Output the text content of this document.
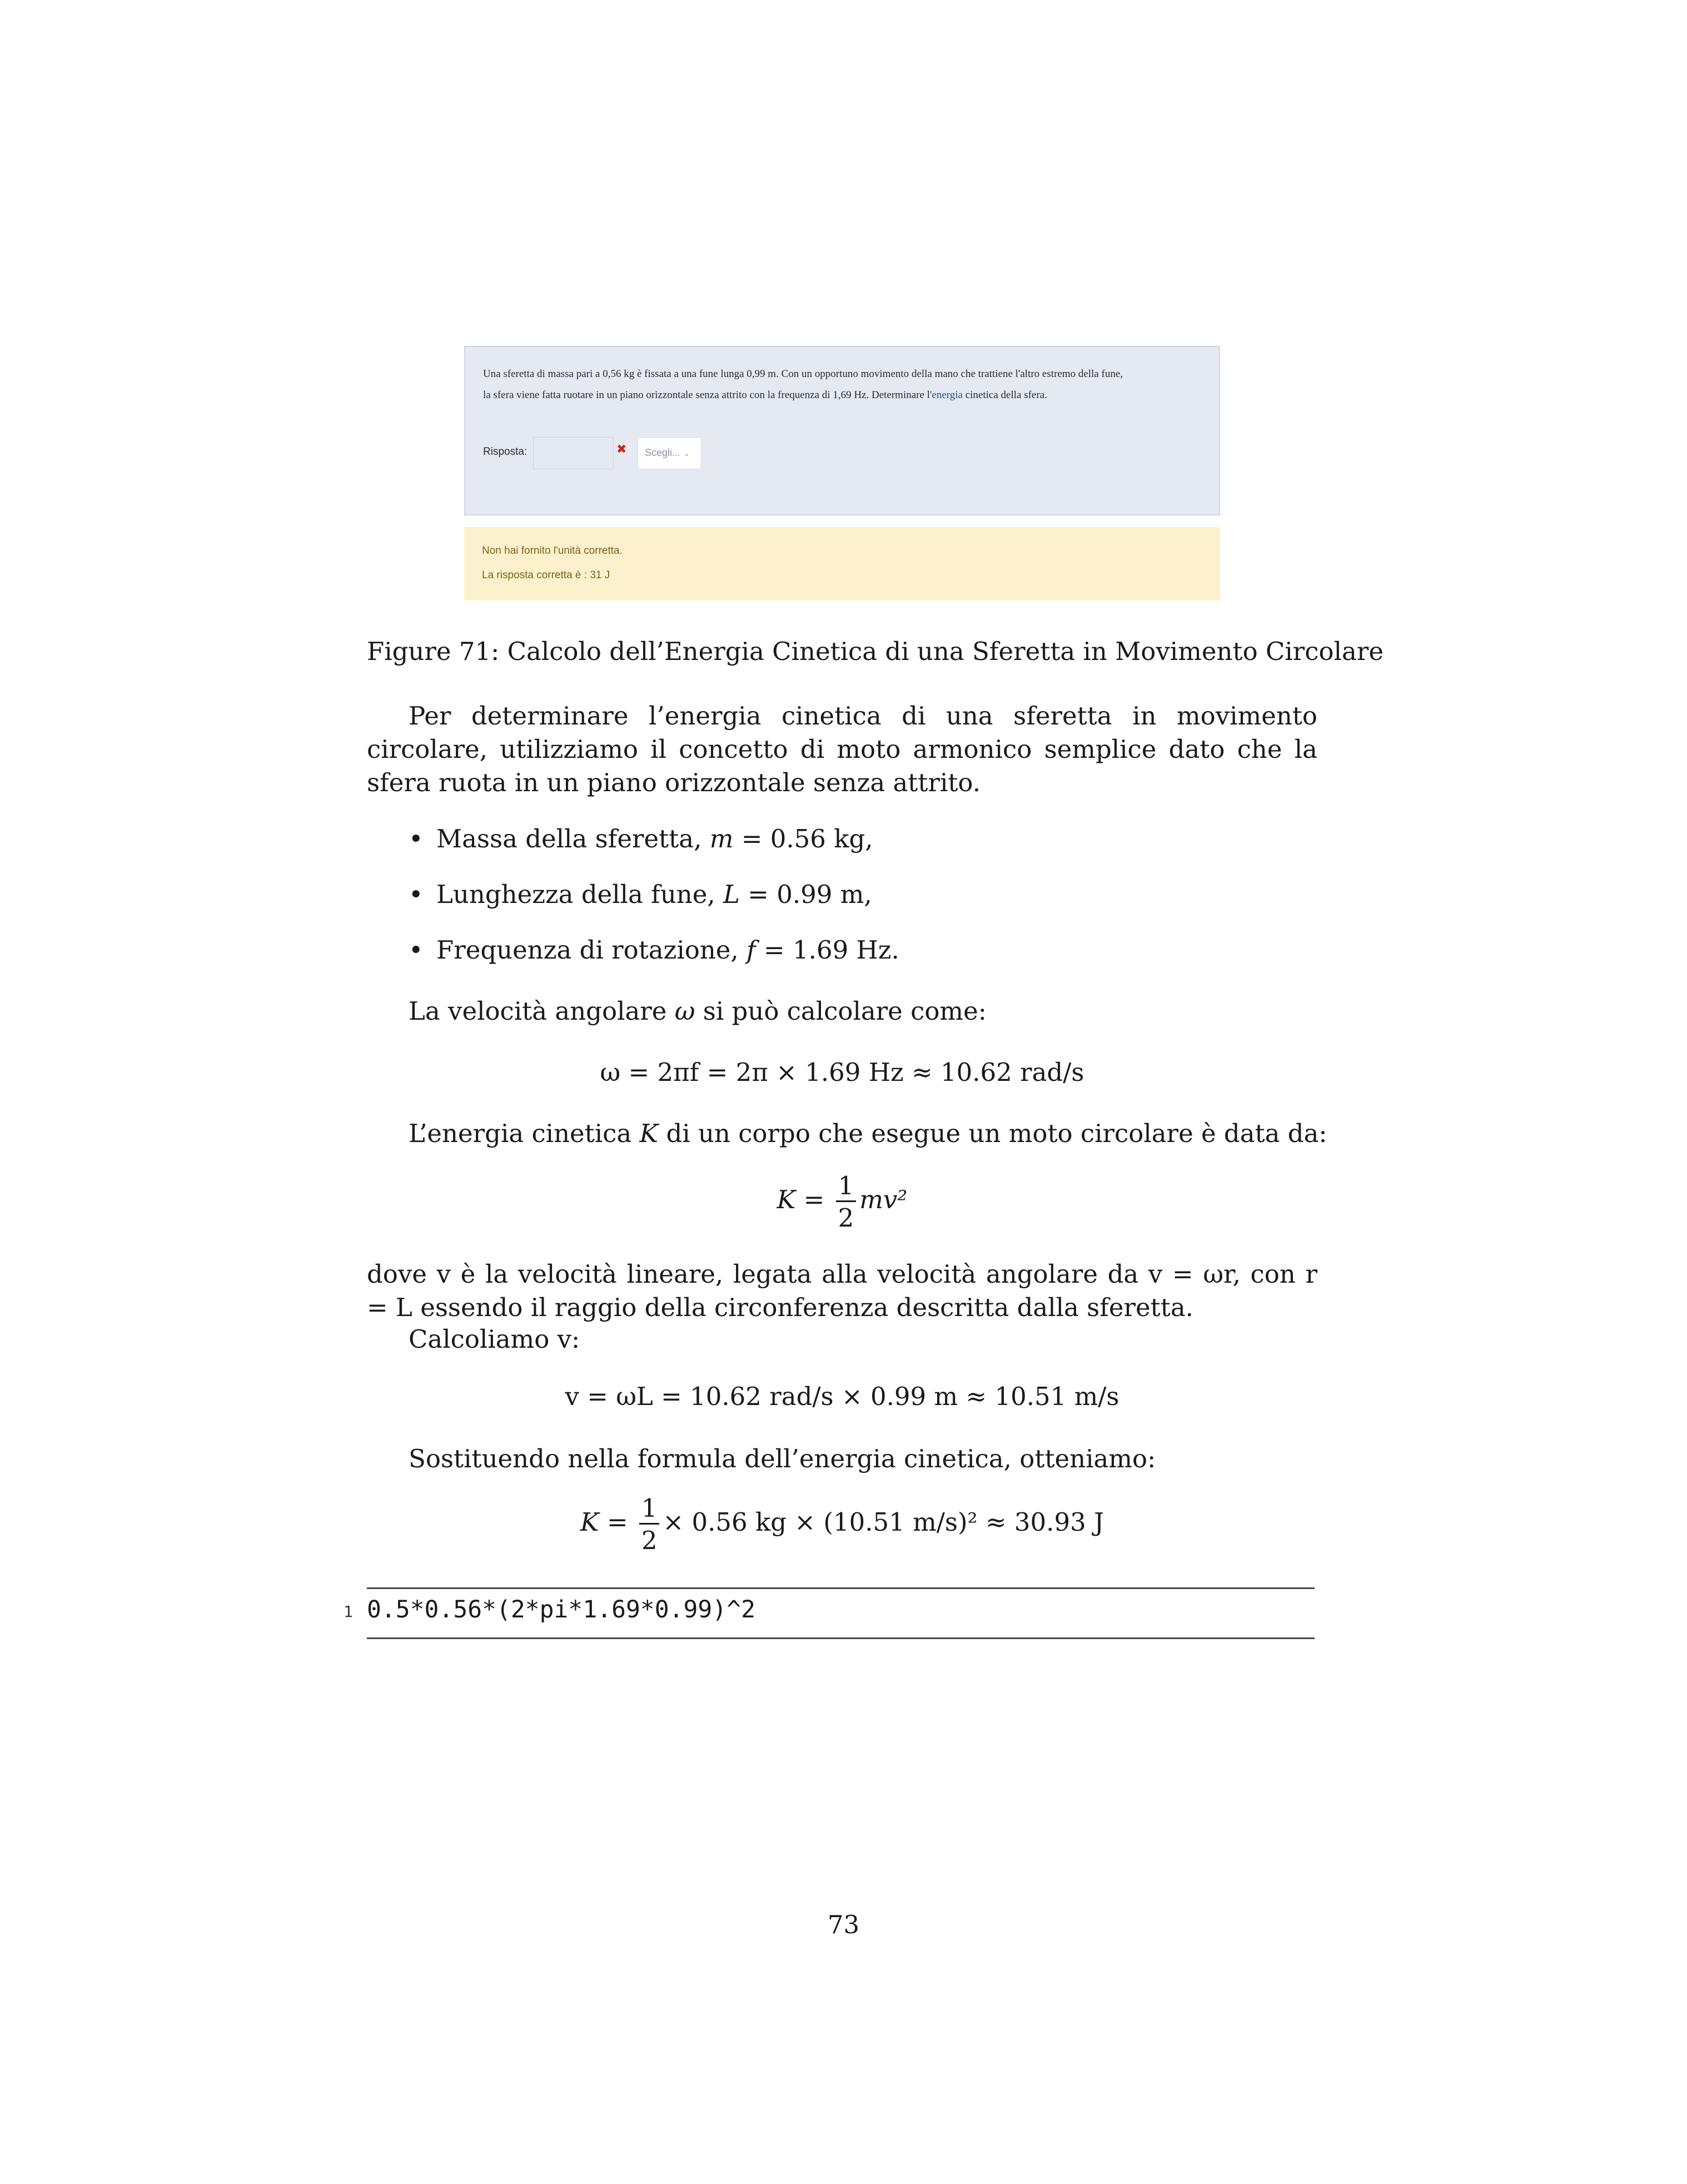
Una sferetta di massa pari a 0,56 kg è fissata a una fune lunga 0,99 m. Con un opportuno movimento della mano che trattiene l'altro estremo della fune,
la sfera viene fatta ruotare in un piano orizzontale senza attrito con la frequenza di 1,69 Hz. Determinare l'energia cinetica della sfera.
Risposta:	✖	Scegli... ⌄
Non hai fornito l'unità corretta.
La risposta corretta è : 31 J
Figure 71: Calcolo dell’Energia Cinetica di una Sferetta in Movimento Circolare
Per determinare l’energia cinetica di una sferetta in movimento circolare, utilizziamo il concetto di moto armonico semplice dato che la sfera ruota in un piano orizzontale senza attrito.
• Massa della sferetta, m = 0.56 kg,
• Lunghezza della fune, L = 0.99 m,
• Frequenza di rotazione, f = 1.69 Hz.
La velocità angolare ω si può calcolare come:
ω = 2πf = 2π × 1.69 Hz ≈ 10.62 rad/s
L’energia cinetica K di un corpo che esegue un moto circolare è data da:
$K = \frac{1}{2} mv^2$
dove v è la velocità lineare, legata alla velocità angolare da v = ωr, con r = L essendo il raggio della circonferenza descritta dalla sferetta.
Calcoliamo v:
v = ωL = 10.62 rad/s × 0.99 m ≈ 10.51 m/s
Sostituendo nella formula dell’energia cinetica, otteniamo:
$K = \frac{1}{2} \times 0.56$ kg × (10.51 m/s)² ≈ 30.93 J
1 0.5*0.56*(2*pi*1.69*0.99)^2
73
